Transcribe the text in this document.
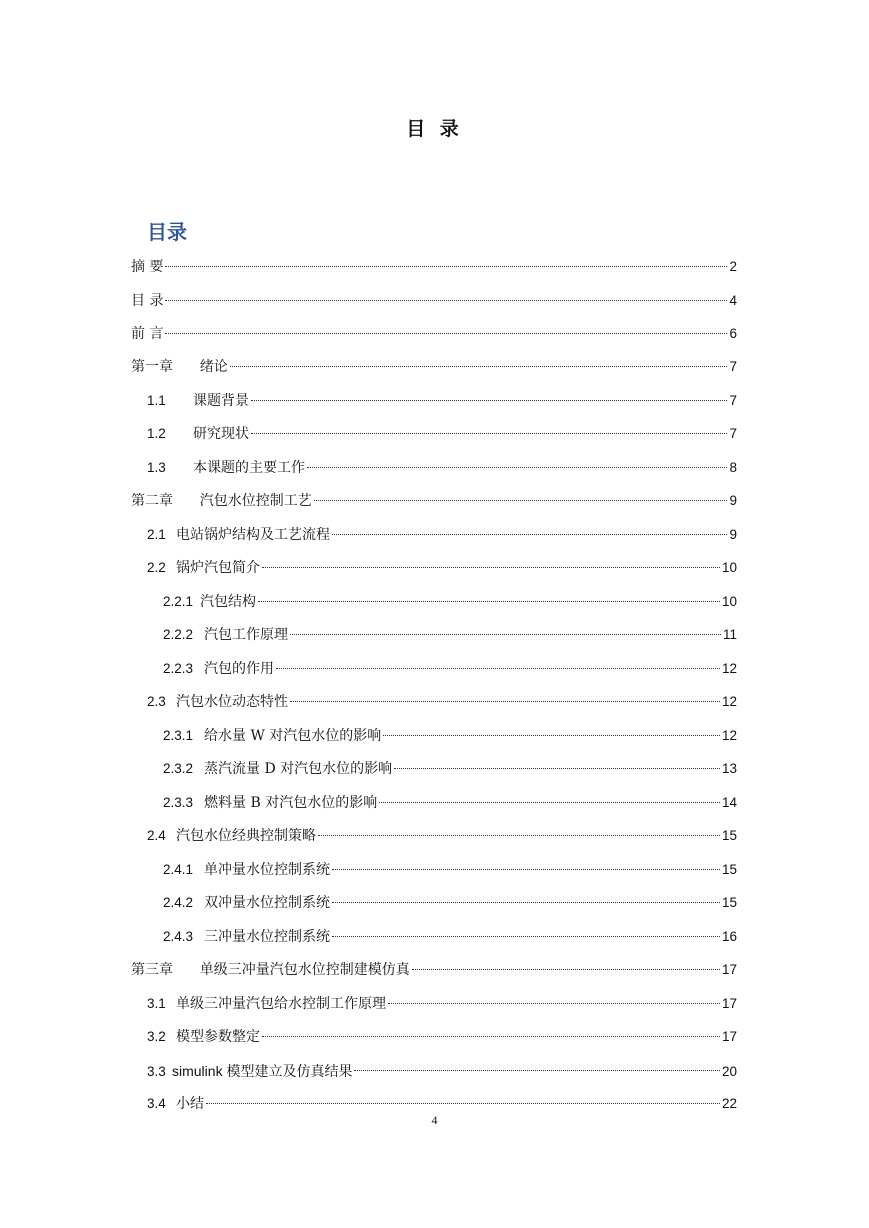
目 录
目录
摘 要	2
目 录	4
前 言	6
第一章      绪论	7
1.1	课题背景	7
1.2	研究现状	7
1.3	本课题的主要工作	8
第二章      汽包水位控制工艺	9
2.1 电站锅炉结构及工艺流程	9
2.2 锅炉汽包简介	10
2.2.1 汽包结构	10
2.2.2 汽包工作原理	11
2.2.3 汽包的作用	12
2.3 汽包水位动态特性	12
2.3.1 给水量 W 对汽包水位的影响	12
2.3.2 蒸汽流量 D 对汽包水位的影响	13
2.3.3 燃料量 B 对汽包水位的影响	14
2.4 汽包水位经典控制策略	15
2.4.1 单冲量水位控制系统	15
2.4.2 双冲量水位控制系统	15
2.4.3 三冲量水位控制系统	16
第三章      单级三冲量汽包水位控制建模仿真	17
3.1 单级三冲量汽包给水控制工作原理	17
3.2 模型参数整定	17
3.3 simulink 模型建立及仿真结果	20
3.4 小结	22
4
